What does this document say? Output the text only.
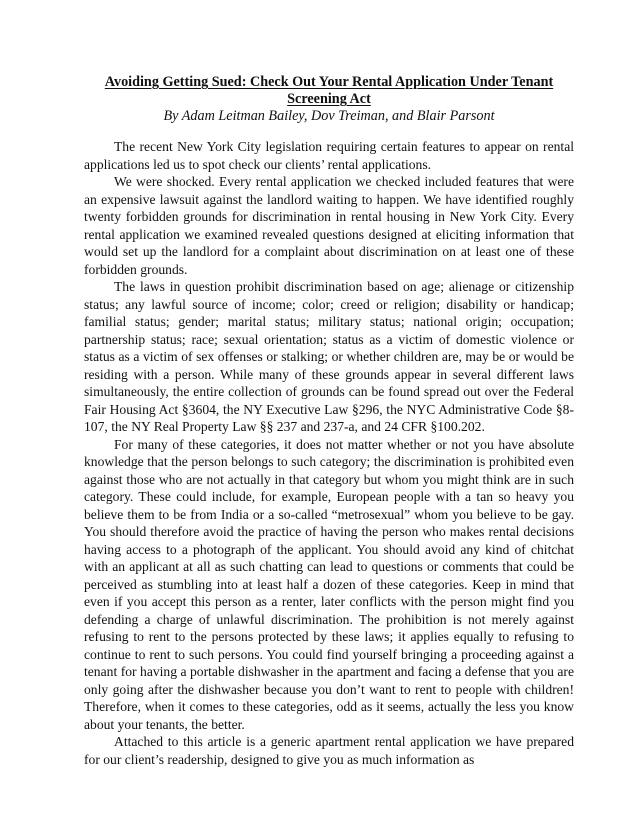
Avoiding Getting Sued: Check Out Your Rental Application Under Tenant Screening Act

By Adam Leitman Bailey, Dov Treiman, and Blair Parsont

The recent New York City legislation requiring certain features to appear on rental applications led us to spot check our clients’ rental applications.

We were shocked. Every rental application we checked included features that were an expensive lawsuit against the landlord waiting to happen. We have identified roughly twenty forbidden grounds for discrimination in rental housing in New York City. Every rental application we examined revealed questions designed at eliciting information that would set up the landlord for a complaint about discrimination on at least one of these forbidden grounds.

The laws in question prohibit discrimination based on age; alienage or citizenship status; any lawful source of income; color; creed or religion; disability or handicap; familial status; gender; marital status; military status; national origin; occupation; partnership status; race; sexual orientation; status as a victim of domestic violence or status as a victim of sex offenses or stalking; or whether children are, may be or would be residing with a person. While many of these grounds appear in several different laws simultaneously, the entire collection of grounds can be found spread out over the Federal Fair Housing Act §3604, the NY Executive Law §296, the NYC Administrative Code §8-107, the NY Real Property Law §§ 237 and 237-a, and 24 CFR §100.202.

For many of these categories, it does not matter whether or not you have absolute knowledge that the person belongs to such category; the discrimination is prohibited even against those who are not actually in that category but whom you might think are in such category. These could include, for example, European people with a tan so heavy you believe them to be from India or a so-called “metrosexual” whom you believe to be gay. You should therefore avoid the practice of having the person who makes rental decisions having access to a photograph of the applicant. You should avoid any kind of chitchat with an applicant at all as such chatting can lead to questions or comments that could be perceived as stumbling into at least half a dozen of these categories. Keep in mind that even if you accept this person as a renter, later conflicts with the person might find you defending a charge of unlawful discrimination. The prohibition is not merely against refusing to rent to the persons protected by these laws; it applies equally to refusing to continue to rent to such persons. You could find yourself bringing a proceeding against a tenant for having a portable dishwasher in the apartment and facing a defense that you are only going after the dishwasher because you don’t want to rent to people with children! Therefore, when it comes to these categories, odd as it seems, actually the less you know about your tenants, the better.

Attached to this article is a generic apartment rental application we have prepared for our client’s readership, designed to give you as much information as
